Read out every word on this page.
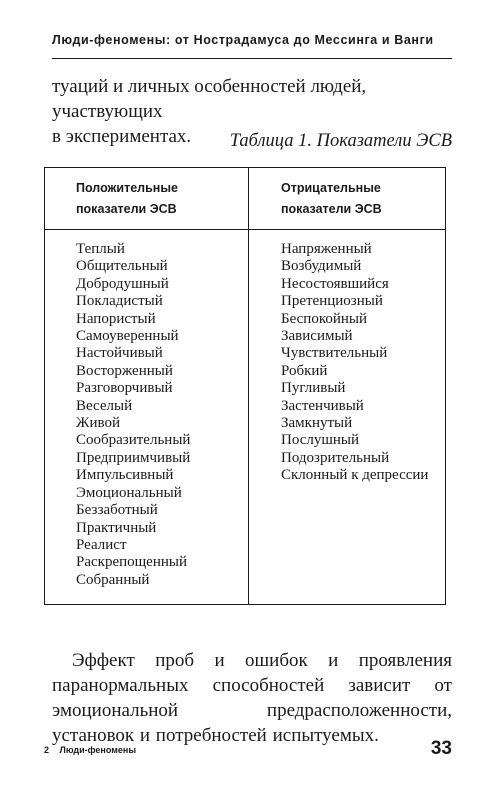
Люди-феномены: от Нострадамуса до Мессинга и Ванги
туаций и личных особенностей людей, участвующих
в экспериментах.	Таблица 1. Показатели ЭСВ
Положительные
показатели ЭСВ
Отрицательные
показатели ЭСВ
Теплый
Общительный
Добродушный
Покладистый
Напористый
Самоуверенный
Настойчивый
Восторженный
Разговорчивый
Веселый
Живой
Сообразительный
Предприимчивый
Импульсивный
Эмоциональный
Беззаботный
Практичный
Реалист
Раскрепощенный
Собранный
Напряженный
Возбудимый
Несостоявшийся
Претенциозный
Беспокойный
Зависимый
Чувствительный
Робкий
Пугливый
Застенчивый
Замкнутый
Послушный
Подозрительный
Склонный к депрессии
Эффект проб и ошибок и проявления паранормальных способностей зависит от эмоциональной предрасположенности, установок и потребностей испытуемых.
2 Люди-феномены	33
